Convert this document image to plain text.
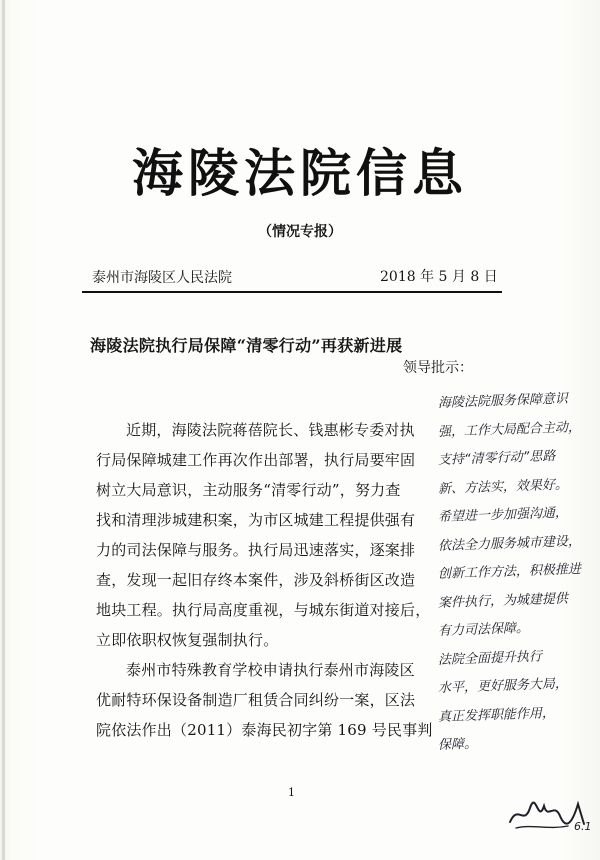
海陵法院信息
（情况专报）
泰州市海陵区人民法院	2018 年 5 月 8 日
海陵法院执行局保障“清零行动”再获新进展
领导批示：
近期，海陵法院蒋蓓院长、钱惠彬专委对执
行局保障城建工作再次作出部署，执行局要牢固
树立大局意识，主动服务“清零行动”，努力查
找和清理涉城建积案，为市区城建工程提供强有
力的司法保障与服务。执行局迅速落实，逐案排
查，发现一起旧存终本案件，涉及斜桥街区改造
地块工程。执行局高度重视，与城东街道对接后，
立即依职权恢复强制执行。
泰州市特殊教育学校申请执行泰州市海陵区
优耐特环保设备制造厂租赁合同纠纷一案，区法
院依法作出（2011）泰海民初字第 169 号民事判
1
海陵法院服务保障意识
强，工作大局配合主动，
支持“清零行动”思路
新、方法实，效果好。
希望进一步加强沟通，
依法全力服务城市建设，
创新工作方法，积极推进
案件执行，为城建提供
有力司法保障。
法院全面提升执行
水平，更好服务大局，
真正发挥职能作用，
保障。
6.1
